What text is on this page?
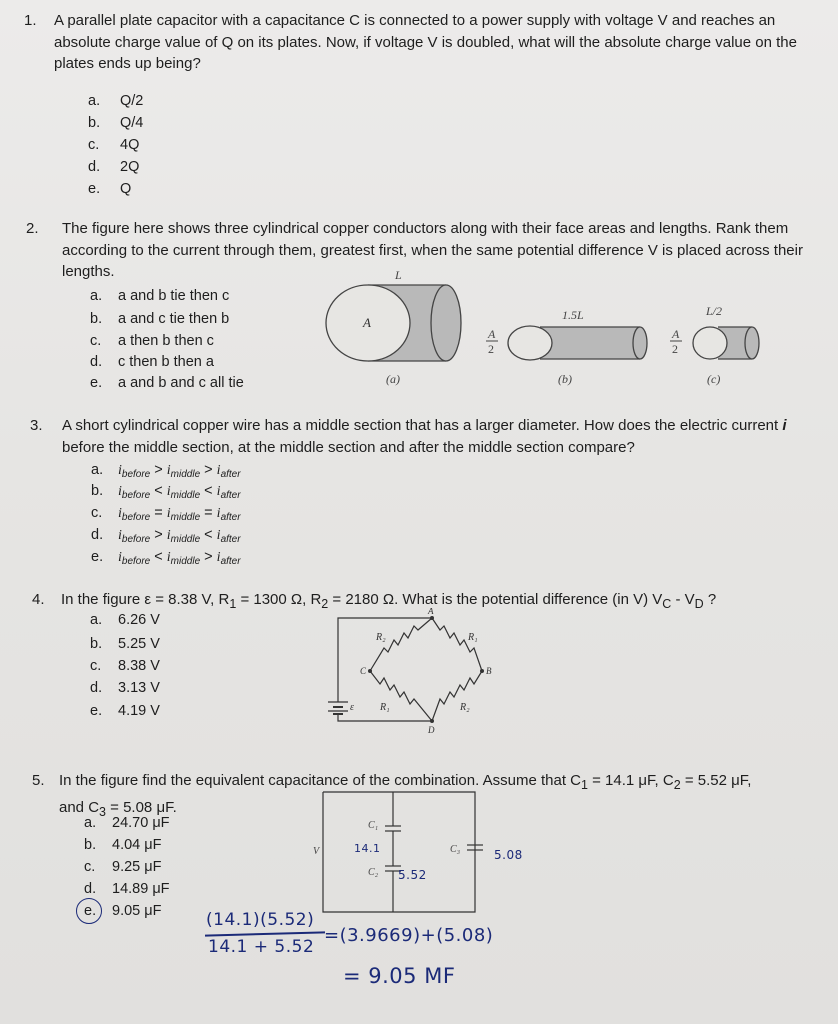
1. A parallel plate capacitor with a capacitance C is connected to a power supply with voltage V and reaches an absolute charge value of Q on its plates. Now, if voltage V is doubled, what will the absolute charge value on the plates ends up being?
a. Q/2
b. Q/4
c. 4Q
d. 2Q
e. Q
2. The figure here shows three cylindrical copper conductors along with their face areas and lengths. Rank them according to the current through them, greatest first, when the same potential difference V is placed across their lengths.
a. a and b tie then c
b. a and c tie then b
c. a then b then c
d. c then b then a
e. a and b and c all tie
A
L
(a)
A
2
1.5L
(b)
A
2
L/2
(c)
3. A short cylindrical copper wire has a middle section that has a larger diameter. How does the electric current i before the middle section, at the middle section and after the middle section compare?
a. $i_{before} > i_{middle} > i_{after}$
b. $i_{before} < i_{middle} < i_{after}$
c. $i_{before} = i_{middle} = i_{after}$
d. $i_{before} > i_{middle} < i_{after}$
e. $i_{before} < i_{middle} > i_{after}$
4. In the figure ε = 8.38 V, $R_1 = 1300$ Ω, $R_2 = 2180$ Ω. What is the potential difference (in V) $V_C - V_D$ ?
a. 6.26 V
b. 5.25 V
c. 8.38 V
d. 3.13 V
e. 4.19 V
A
B
C
D
R₂	R₁
R₁	R₂
ε
5. In the figure find the equivalent capacitance of the combination. Assume that $C_1 = 14.1$ μF, $C_2 = 5.52$ μF,
and $C_3 = 5.08$ μF.
a. 24.70 μF
b. 4.04 μF
c. 9.25 μF
d. 14.89 μF
e. 9.05 μF
C₁
C₂
C₃
V	14.1
5.52
5.08
(14.1)(5.52)
14.1 + 5.52
=(3.9669)+(5.08)
= 9.05 MF
